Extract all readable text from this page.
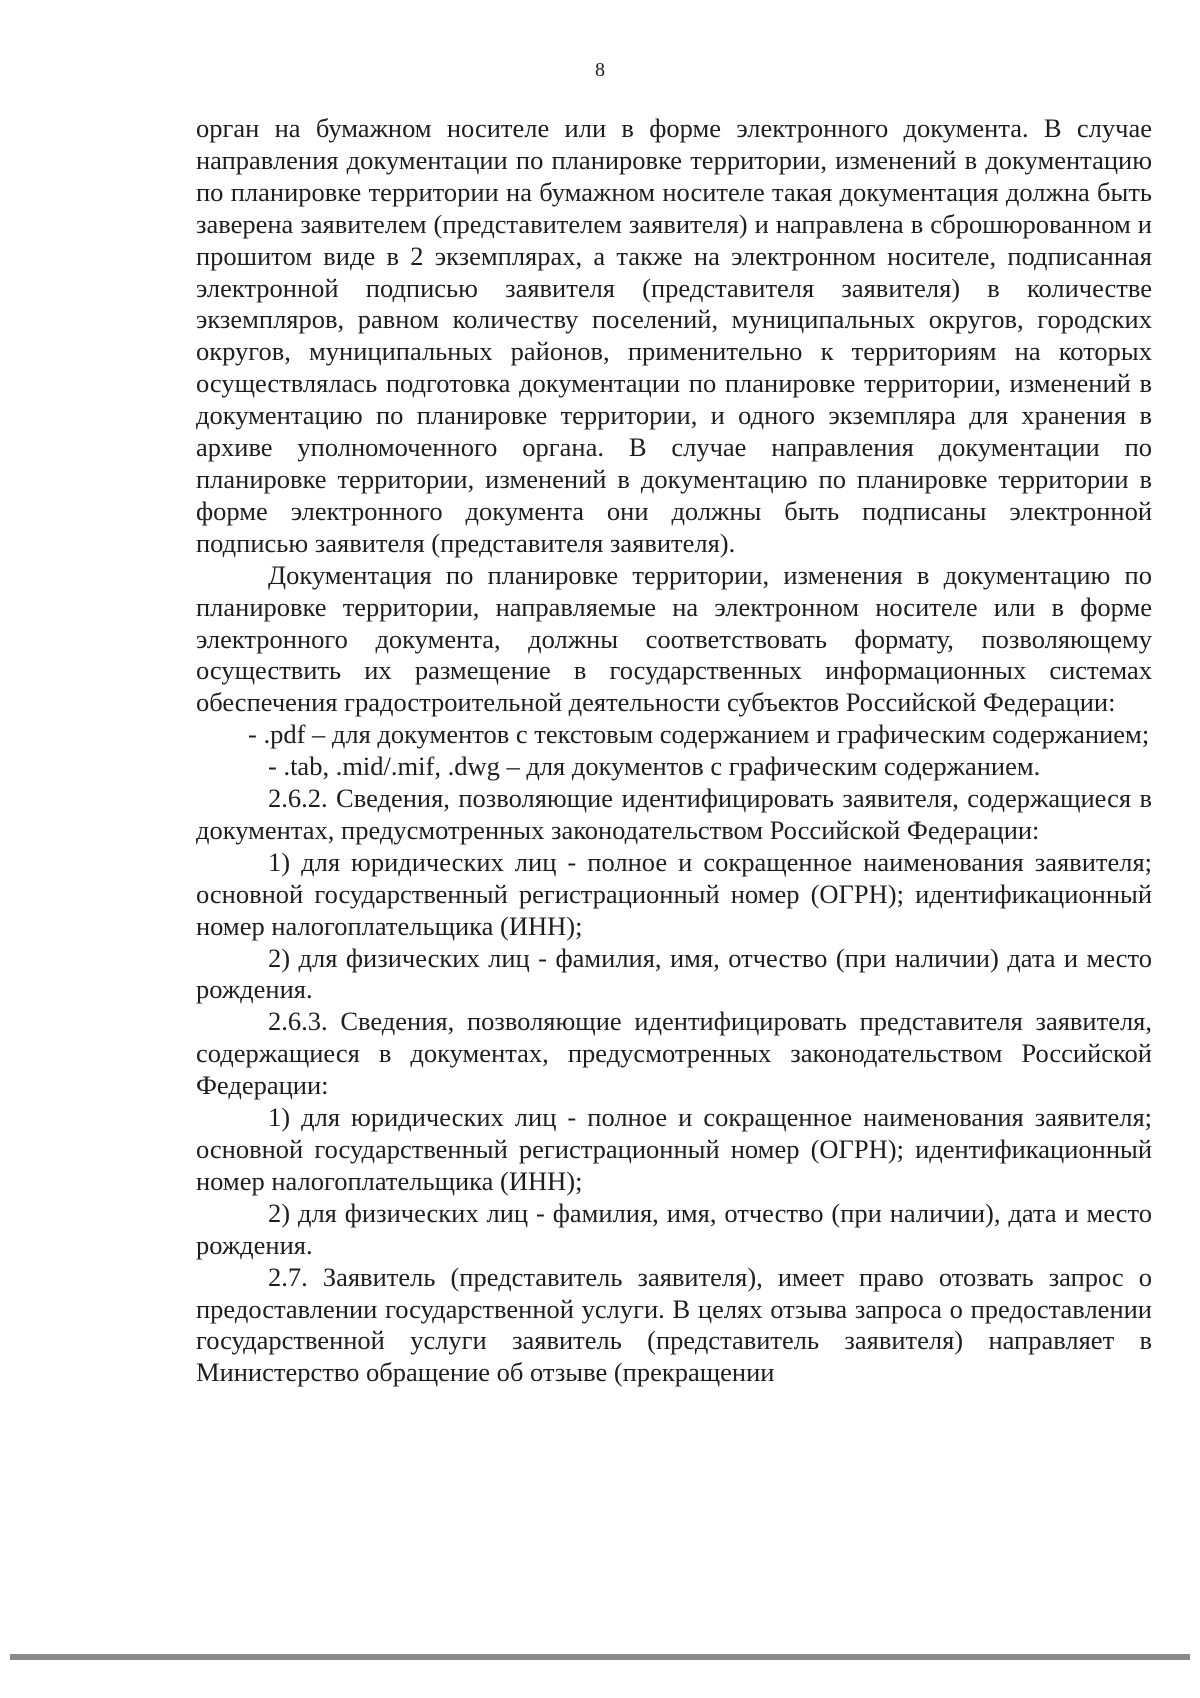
8

орган на бумажном носителе или в форме электронного документа. В случае направления документации по планировке территории, изменений в документацию по планировке территории на бумажном носителе такая документация должна быть заверена заявителем (представителем заявителя) и направлена в сброшюрованном и прошитом виде в 2 экземплярах, а также на электронном носителе, подписанная электронной подписью заявителя (представителя заявителя) в количестве экземпляров, равном количеству поселений, муниципальных округов, городских округов, муниципальных районов, применительно к территориям на которых осуществлялась подготовка документации по планировке территории, изменений в документацию по планировке территории, и одного экземпляра для хранения в архиве уполномоченного органа. В случае направления документации по планировке территории, изменений в документацию по планировке территории в форме электронного документа они должны быть подписаны электронной подписью заявителя (представителя заявителя).

Документация по планировке территории, изменения в документацию по планировке территории, направляемые на электронном носителе или в форме электронного документа, должны соответствовать формату, позволяющему осуществить их размещение в государственных информационных системах обеспечения градостроительной деятельности субъектов Российской Федерации:

- .pdf – для документов с текстовым содержанием и графическим содержанием;

- .tab, .mid/.mif, .dwg – для документов с графическим содержанием.

2.6.2. Сведения, позволяющие идентифицировать заявителя, содержащиеся в документах, предусмотренных законодательством Российской Федерации:

1) для юридических лиц - полное и сокращенное наименования заявителя; основной государственный регистрационный номер (ОГРН); идентификационный номер налогоплательщика (ИНН);

2) для физических лиц - фамилия, имя, отчество (при наличии) дата и место рождения.

2.6.3. Сведения, позволяющие идентифицировать представителя заявителя, содержащиеся в документах, предусмотренных законодательством Российской Федерации:

1) для юридических лиц - полное и сокращенное наименования заявителя; основной государственный регистрационный номер (ОГРН); идентификационный номер налогоплательщика (ИНН);

2) для физических лиц - фамилия, имя, отчество (при наличии), дата и место рождения.

2.7. Заявитель (представитель заявителя), имеет право отозвать запрос о предоставлении государственной услуги. В целях отзыва запроса о предоставлении государственной услуги заявитель (представитель заявителя) направляет в Министерство обращение об отзыве (прекращении
